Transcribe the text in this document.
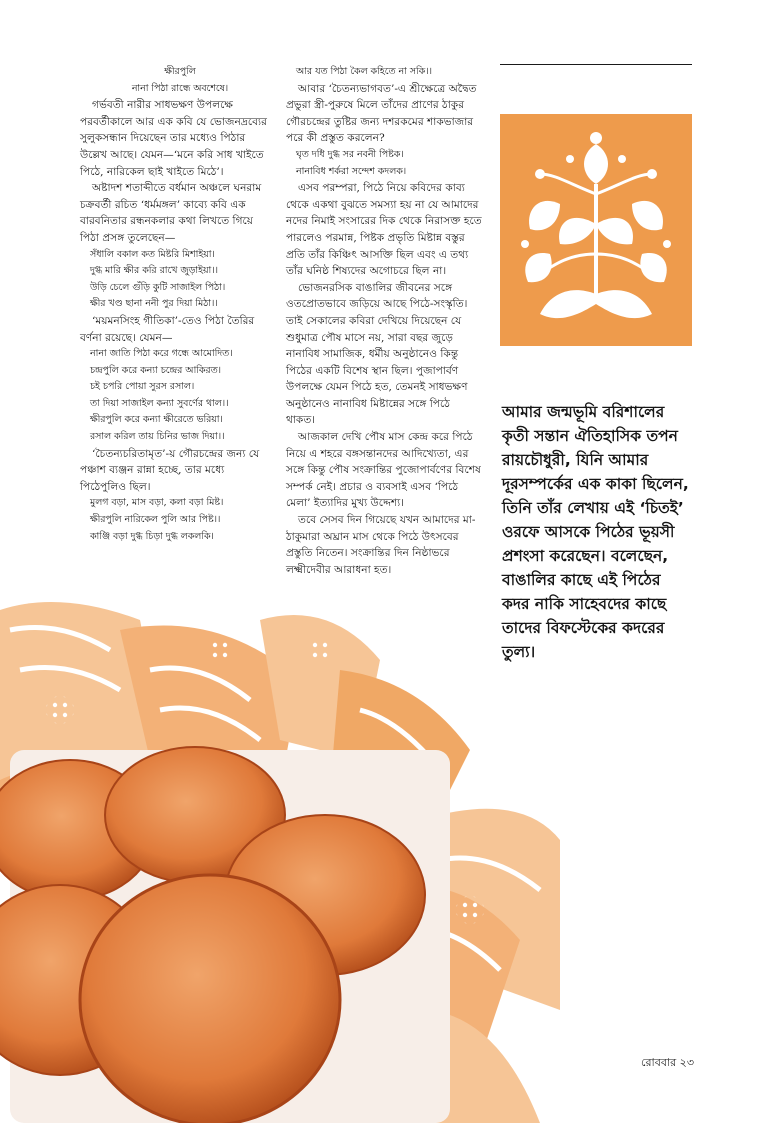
ক্ষীরপুলি

নানা পিঠা রান্ধে অবশেষে।

গর্ভবতী নারীর সাধভক্ষণ উপলক্ষে পরবর্তীকালে আর এক কবি যে ভোজনদ্রব্যের সুলুকসন্ধান দিয়েছেন তার মধ্যেও পিঠার উল্লেখ আছে। যেমন—‘মনে করি সাধ খাইতে পিঠে, নারিকেল ছাই খাইতে মিঠে’।

অষ্টাদশ শতাব্দীতে বর্ধমান অঞ্চলে ঘনরাম চক্রবর্তী রচিত ‘ধর্মমঙ্গল’ কাব্যে কবি এক বারবনিতার রন্ধনকলার কথা লিখতে গিয়ে পিঠা প্রসঙ্গ তুলেছেন—

সঁধালি বকাল কত মিষ্টরি মিশাইয়া।

দুগ্ধ মারি ক্ষীর করি রাখে জুড়াইয়া।।

উড়ি চেলে গুঁড়ি কুটি সাজাইল পিঠা।

ক্ষীর খণ্ড ছানা ননী পুর দিয়া মিঠা।।

‘ময়মনসিংহ গীতিকা’-তেও পিঠা তৈরির বর্ণনা রয়েছে। যেমন—

নানা জাতি পিঠা করে গন্ধে আমোদিত।

চন্দ্রপুলি করে কন্যা চন্দ্রের আকিরত।

চই চপরি পোয়া সুরস রসাল।

তা দিয়া সাজাইল কন্যা সুবর্ণের থাল।।

ক্ষীরপুলি করে কন্যা ক্ষীরেতে ভরিয়া।

রসাল করিল তায় চিনির ভাজ দিয়া।।

‘চৈতন্যচরিতামৃত’-য় গৌরচন্দ্রের জন্য যে পঞ্চাশ ব্যঞ্জন রান্না হচ্ছে, তার মধ্যে পিঠেপুলিও ছিল।

মুলগ বড়া, মাস বড়া, কলা বড়া মিষ্ট।

ক্ষীরপুলি নারিকেল পুলি আর পিষ্ট।।

কাঞ্জি বড়া দুগ্ধ চিড়া দুগ্ধ লকলকি।

আর যত পিঠা কৈল কহিতে না সকি।।

আবার ‘চৈতন্যভাগবত’-এ শ্রীক্ষেত্রে অদ্বৈত প্রভুরা স্ত্রী-পুরুষে মিলে তাঁদের প্রাণের ঠাকুর গৌরচন্দ্রের তুষ্টির জন্য দশরকমের শাকভাজার পরে কী প্রস্তুত করলেন?

ঘৃত দধি দুগ্ধ সর নবনী পিষ্টক।

নানাবিধ শর্করা সন্দেশ কদলক।

এসব পরম্পরা, পিঠে নিয়ে কবিদের কাব্য থেকে একথা বুঝতে সমস্যা হয় না যে আমাদের নদের নিমাই সংসারের দিক থেকে নিরাসক্ত হতে পারলেও পরমান্ন, পিষ্টক প্রভৃতি মিষ্টান্ন বস্তুর প্রতি তাঁর কিঞ্চিৎ আসক্তি ছিল এবং এ তথ্য তাঁর ঘনিষ্ঠ শিষ্যদের অগোচরে ছিল না।

ভোজনরসিক বাঙালির জীবনের সঙ্গে ওতপ্রোতভাবে জড়িয়ে আছে পিঠে-সংস্কৃতি। তাই সেকালের কবিরা দেখিয়ে দিয়েছেন যে শুধুমাত্র পৌষ মাসে নয়, সারা বছর জুড়ে নানাবিধ সামাজিক, ধর্মীয় অনুষ্ঠানেও কিন্তু পিঠের একটি বিশেষ স্থান ছিল। পুজাপার্বণ উপলক্ষে যেমন পিঠে হত, তেমনই সাধভক্ষণ অনুষ্ঠানেও নানাবিধ মিষ্টান্নের সঙ্গে পিঠে থাকত।

আজকাল দেখি পৌষ মাস কেন্দ্র করে পিঠে নিয়ে এ শহরে বঙ্গসন্তানদের আদিখ্যেতা, এর সঙ্গে কিন্তু পৌষ সংক্রান্তির পুজোপার্বণের বিশেষ সম্পর্ক নেই। প্রচার ও ব্যবসাই এসব ‘পিঠে মেলা’ ইত্যাদির মুখ্য উদ্দেশ্য।

তবে সেসব দিন গিয়েছে যখন আমাদের মা-ঠাকুমারা অঘ্রান মাস থেকে পিঠে উৎসবের প্রস্তুতি নিতেন। সংক্রান্তির দিন নিষ্ঠাভরে লক্ষ্মীদেবীর আরাধনা হত।

আমার জন্মভূমি বরিশালের কৃতী সন্তান ঐতিহাসিক তপন রায়চৌধুরী, যিনি আমার দূরসম্পর্কের এক কাকা ছিলেন, তিনি তাঁর লেখায় এই ‘চিতই’ ওরফে আসকে পিঠের ভূয়সী প্রশংসা করেছেন। বলেছেন, বাঙালির কাছে এই পিঠের কদর নাকি সাহেবদের কাছে তাদের বিফস্টেকের কদরের তুল্য।
রোববার ২৩
